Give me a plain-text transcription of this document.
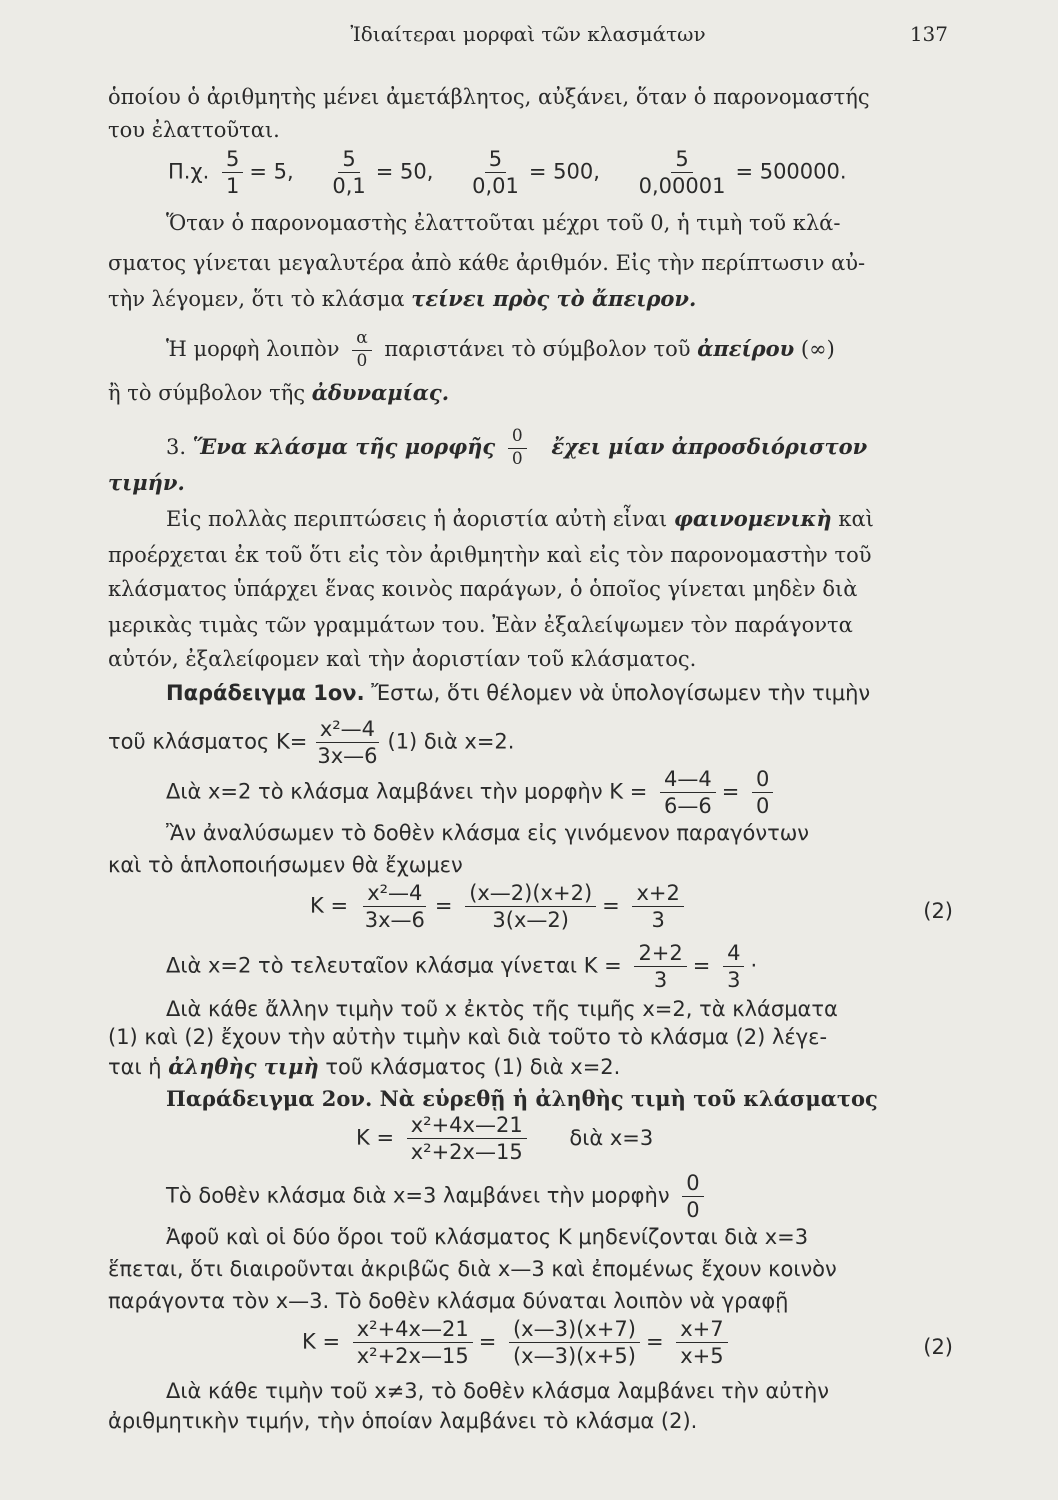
Ἰδιαίτεραι μορφαὶ τῶν κλασμάτων	137
ὁποίου ὁ ἀριθμητὴς μένει ἀμετάβλητος, αὐξάνει, ὅταν ὁ παρονομαστής
του ἐλαττοῦται.
Π.χ. $\frac{5}{1} = 5$, $\frac{5}{0,1} = 50$, $\frac{5}{0,01} = 500$, $\frac{5}{0,00001} = 500000$.
Ὅταν ὁ παρονομαστὴς ἐλαττοῦται μέχρι τοῦ 0, ἡ τιμὴ τοῦ κλά-
σματος γίνεται μεγαλυτέρα ἀπὸ κάθε ἀριθμόν. Εἰς τὴν περίπτωσιν αὐ-
τὴν λέγομεν, ὅτι τὸ κλάσμα τείνει πρὸς τὸ ἄπειρον.
Ἡ μορφὴ λοιπὸν $\frac{\alpha}{0}$ παριστάνει τὸ σύμβολον τοῦ ἀπείρου (∞)
ἢ τὸ σύμβολον τῆς ἀδυναμίας.
3. Ἕνα κλάσμα τῆς μορφῆς $\frac{0}{0}$ ἔχει μίαν ἀπροσδιόριστον
τιμήν.
Εἰς πολλὰς περιπτώσεις ἡ ἀοριστία αὐτὴ εἶναι φαινομενικὴ καὶ
προέρχεται ἐκ τοῦ ὅτι εἰς τὸν ἀριθμητὴν καὶ εἰς τὸν παρονομαστὴν τοῦ
κλάσματος ὑπάρχει ἕνας κοινὸς παράγων, ὁ ὁποῖος γίνεται μηδὲν διὰ
μερικὰς τιμὰς τῶν γραμμάτων του. Ἐὰν ἐξαλείψωμεν τὸν παράγοντα
αὐτόν, ἐξαλείφομεν καὶ τὴν ἀοριστίαν τοῦ κλάσματος.
Παράδειγμα 1ον. Ἔστω, ὅτι θέλομεν νὰ ὑπολογίσωμεν τὴν τιμὴν
τοῦ κλάσματος $K= \frac{\text{x²—4}}{3x—6} (1)$ διὰ x=2.
Διὰ x=2 τὸ κλάσμα λαμβάνει τὴν μορφὴν $K = \frac{4—4}{6—6} = \frac{0}{0}$
Ἂν ἀναλύσωμεν τὸ δοθὲν κλάσμα εἰς γινόμενον παραγόντων
καὶ τὸ ἁπλοποιήσωμεν θὰ ἔχωμεν
$K = \frac{\text{x²—4}}{3x—6} = \frac{(x—2)(x+2)}{3(x—2)} = \frac{x+2}{3}$	(2)
Διὰ x=2 τὸ τελευταῖον κλάσμα γίνεται $K = \frac{2+2}{3} = \frac{4}{3}$ ·
Διὰ κάθε ἄλλην τιμὴν τοῦ x ἐκτὸς τῆς τιμῆς x=2, τὰ κλάσματα
(1) καὶ (2) ἔχουν τὴν αὐτὴν τιμὴν καὶ διὰ τοῦτο τὸ κλάσμα (2) λέγε-
ται ἡ ἀληθὴς τιμὴ τοῦ κλάσματος (1) διὰ x=2.
Παράδειγμα 2ον. Νὰ εὑρεθῇ ἡ ἀληθὴς τιμὴ τοῦ κλάσματος
$K = \frac{\text{x²+4x—21}}{\text{x²+2x—15}}$ διὰ x=3
Τὸ δοθὲν κλάσμα διὰ x=3 λαμβάνει τὴν μορφὴν $\frac{0}{0}$
Ἀφοῦ καὶ οἱ δύο ὅροι τοῦ κλάσματος Κ μηδενίζονται διὰ x=3
ἕπεται, ὅτι διαιροῦνται ἀκριβῶς διὰ x—3 καὶ ἐπομένως ἔχουν κοινὸν
παράγοντα τὸν x—3. Τὸ δοθὲν κλάσμα δύναται λοιπὸν νὰ γραφῇ
$K = \frac{\text{x²+4x—21}}{\text{x²+2x—15}} = \frac{(x—3)(x+7)}{(x—3)(x+5)} = \frac{x+7}{x+5}$	(2)
Διὰ κάθε τιμὴν τοῦ x≠3, τὸ δοθὲν κλάσμα λαμβάνει τὴν αὐτὴν
ἀριθμητικὴν τιμήν, τὴν ὁποίαν λαμβάνει τὸ κλάσμα (2).
